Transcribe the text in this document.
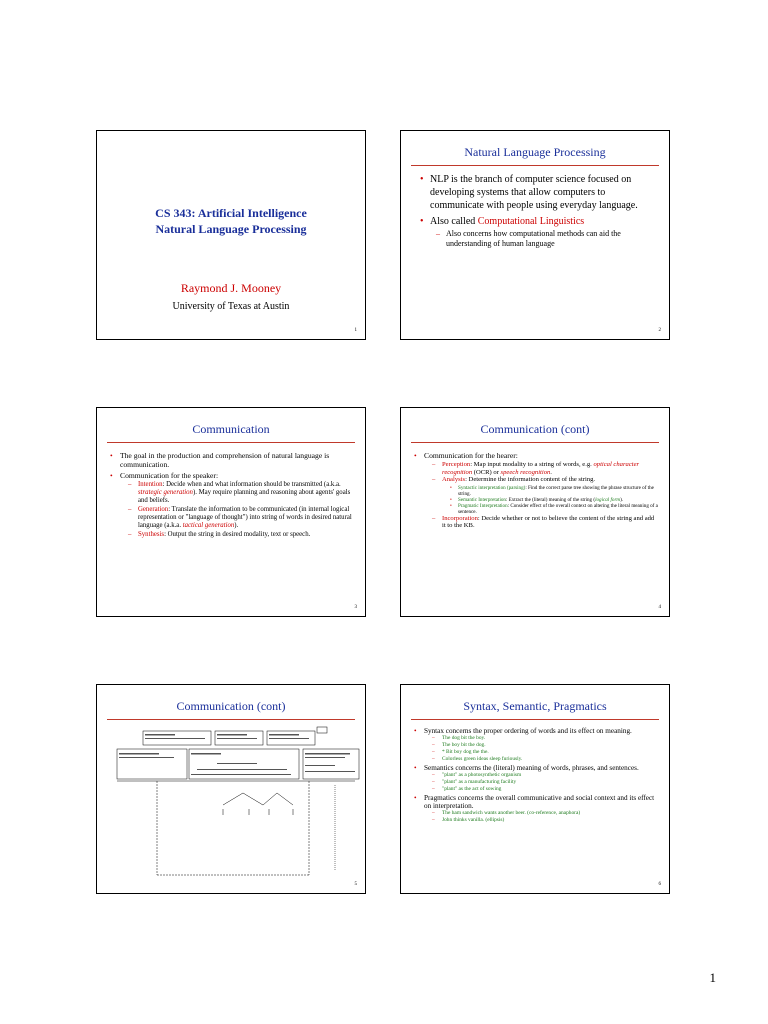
CS 343: Artificial Intelligence
Natural Language Processing
Raymond J. Mooney
University of Texas at Austin
1
Natural Language Processing
• NLP is the branch of computer science focused on developing systems that allow computers to communicate with people using everyday language.
• Also called Computational Linguistics
– Also concerns how computational methods can aid the understanding of human language
2
Communication
• The goal in the production and comprehension of natural language is communication.
• Communication for the speaker:
– Intention: Decide when and what information should be transmitted (a.k.a. strategic generation). May require planning and reasoning about agents' goals and beliefs.
– Generation: Translate the information to be communicated (in internal logical representation or "language of thought") into string of words in desired natural language (a.k.a. tactical generation).
– Synthesis: Output the string in desired modality, text or speech.
3
Communication (cont)
• Communication for the hearer:
– Perception: Map input modality to a string of words, e.g. optical character recognition (OCR) or speech recognition.
– Analysis: Determine the information content of the string.
• Syntactic interpretation (parsing): Find the correct parse tree showing the phrase structure of the string.
• Semantic Interpretation: Extract the (literal) meaning of the string (logical form).
• Pragmatic Interpretation: Consider effect of the overall context on altering the literal meaning of a sentence.
– Incorporation: Decide whether or not to believe the content of the string and add it to the KB.
4
Communication (cont)
5
Syntax, Semantic, Pragmatics
• Syntax concerns the proper ordering of words and its effect on meaning.
– The dog bit the boy.
– The boy bit the dog.
– * Bit boy dog the the.
– Colorless green ideas sleep furiously.
• Semantics concerns the (literal) meaning of words, phrases, and sentences.
– "plant" as a photosynthetic organism
– "plant" as a manufacturing facility
– "plant" as the act of sowing
• Pragmatics concerns the overall communicative and social context and its effect on interpretation.
– The ham sandwich wants another beer. (co-reference, anaphora)
– John thinks vanilla. (ellipsis)
6
1
